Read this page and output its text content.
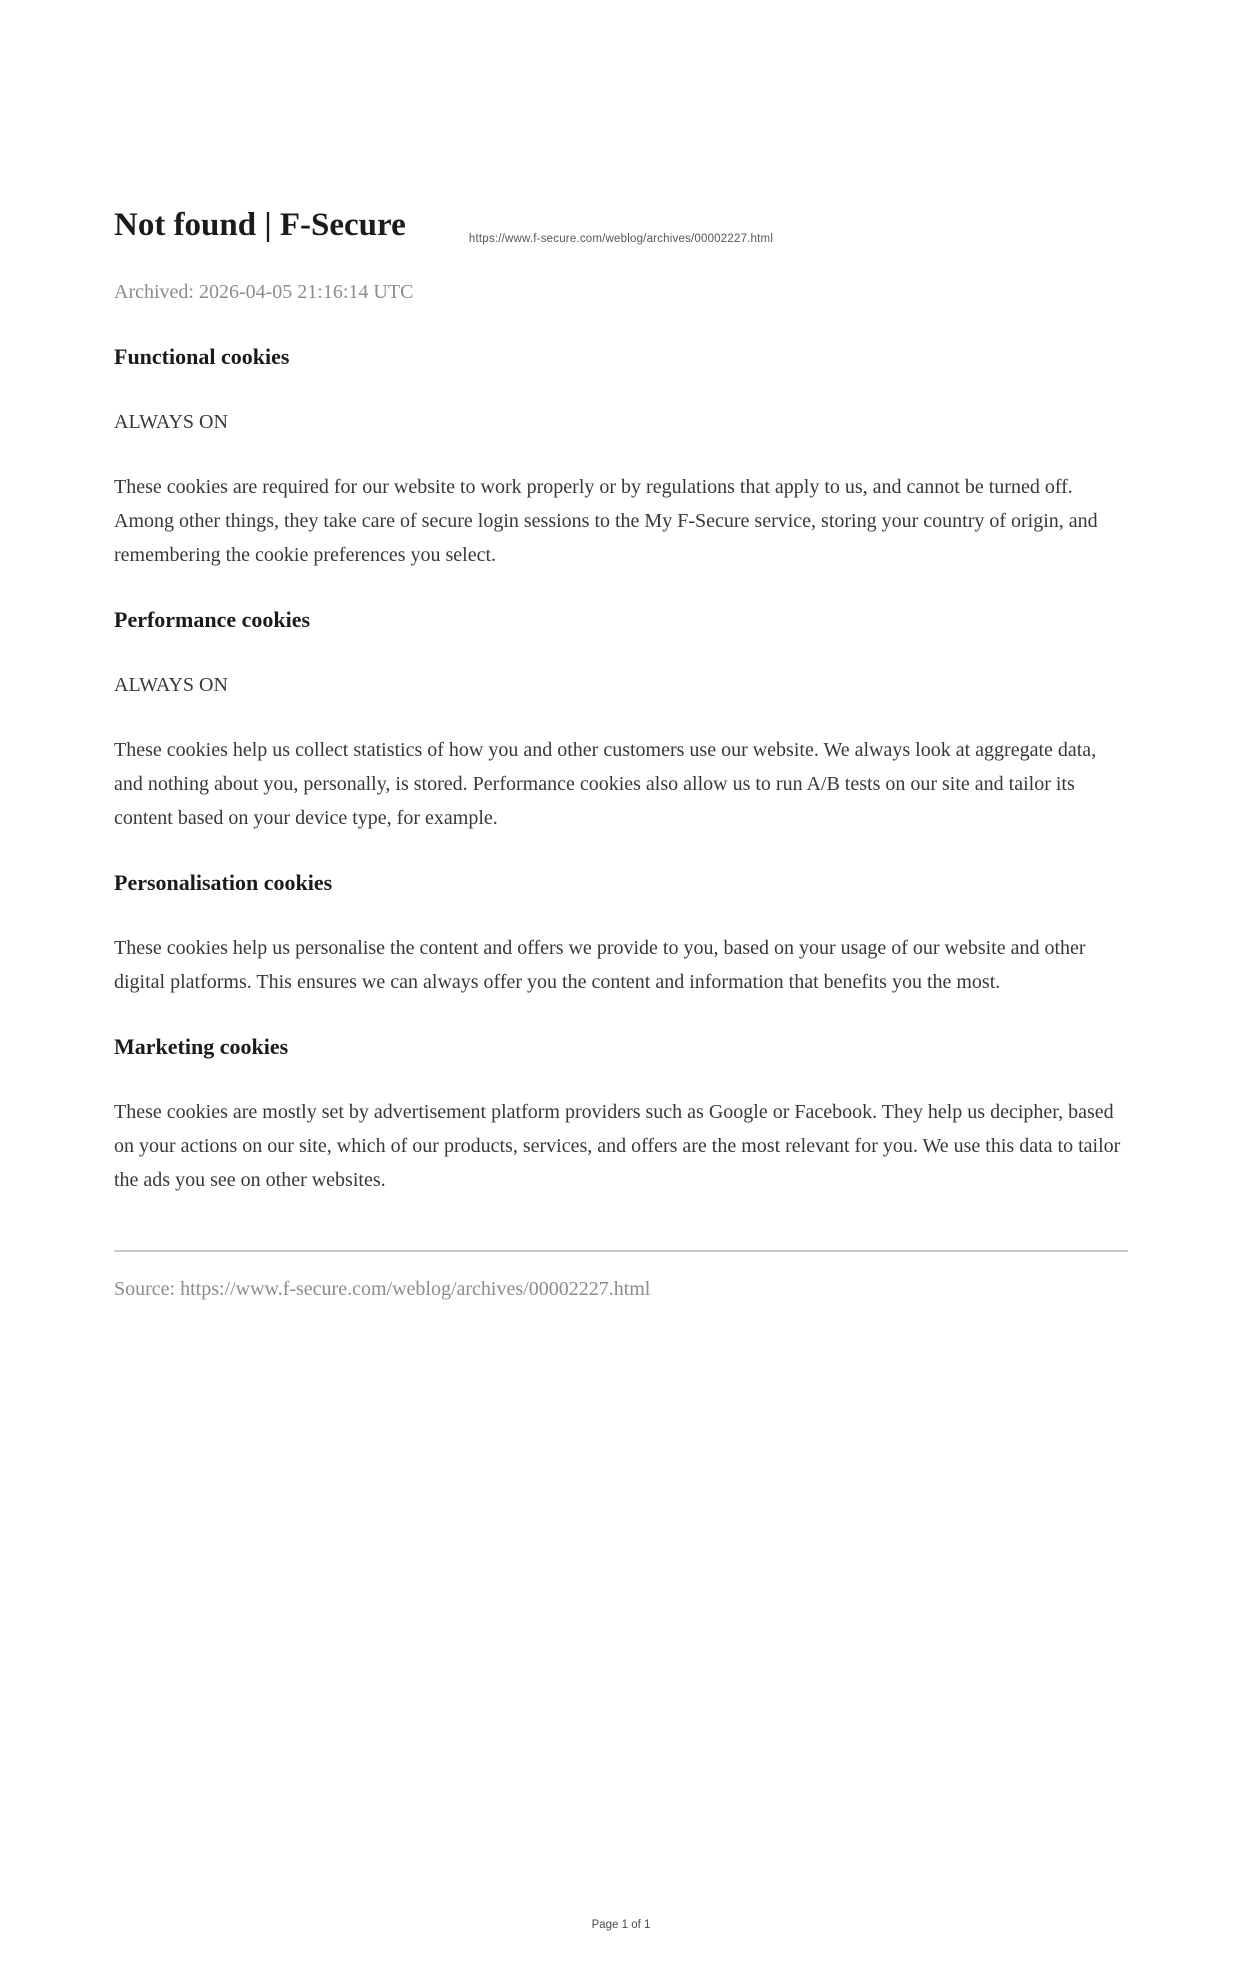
https://www.f-secure.com/weblog/archives/00002227.html
Not found | F-Secure

Archived: 2026-04-05 21:16:14 UTC

Functional cookies

ALWAYS ON

These cookies are required for our website to work properly or by regulations that apply to us, and cannot be turned off. Among other things, they take care of secure login sessions to the My F-Secure service, storing your country of origin, and remembering the cookie preferences you select.

Performance cookies

ALWAYS ON

These cookies help us collect statistics of how you and other customers use our website. We always look at aggregate data, and nothing about you, personally, is stored. Performance cookies also allow us to run A/B tests on our site and tailor its content based on your device type, for example.

Personalisation cookies

These cookies help us personalise the content and offers we provide to you, based on your usage of our website and other digital platforms. This ensures we can always offer you the content and information that benefits you the most.

Marketing cookies

These cookies are mostly set by advertisement platform providers such as Google or Facebook. They help us decipher, based on your actions on our site, which of our products, services, and offers are the most relevant for you. We use this data to tailor the ads you see on other websites.

Source: https://www.f-secure.com/weblog/archives/00002227.html

Page 1 of 1
